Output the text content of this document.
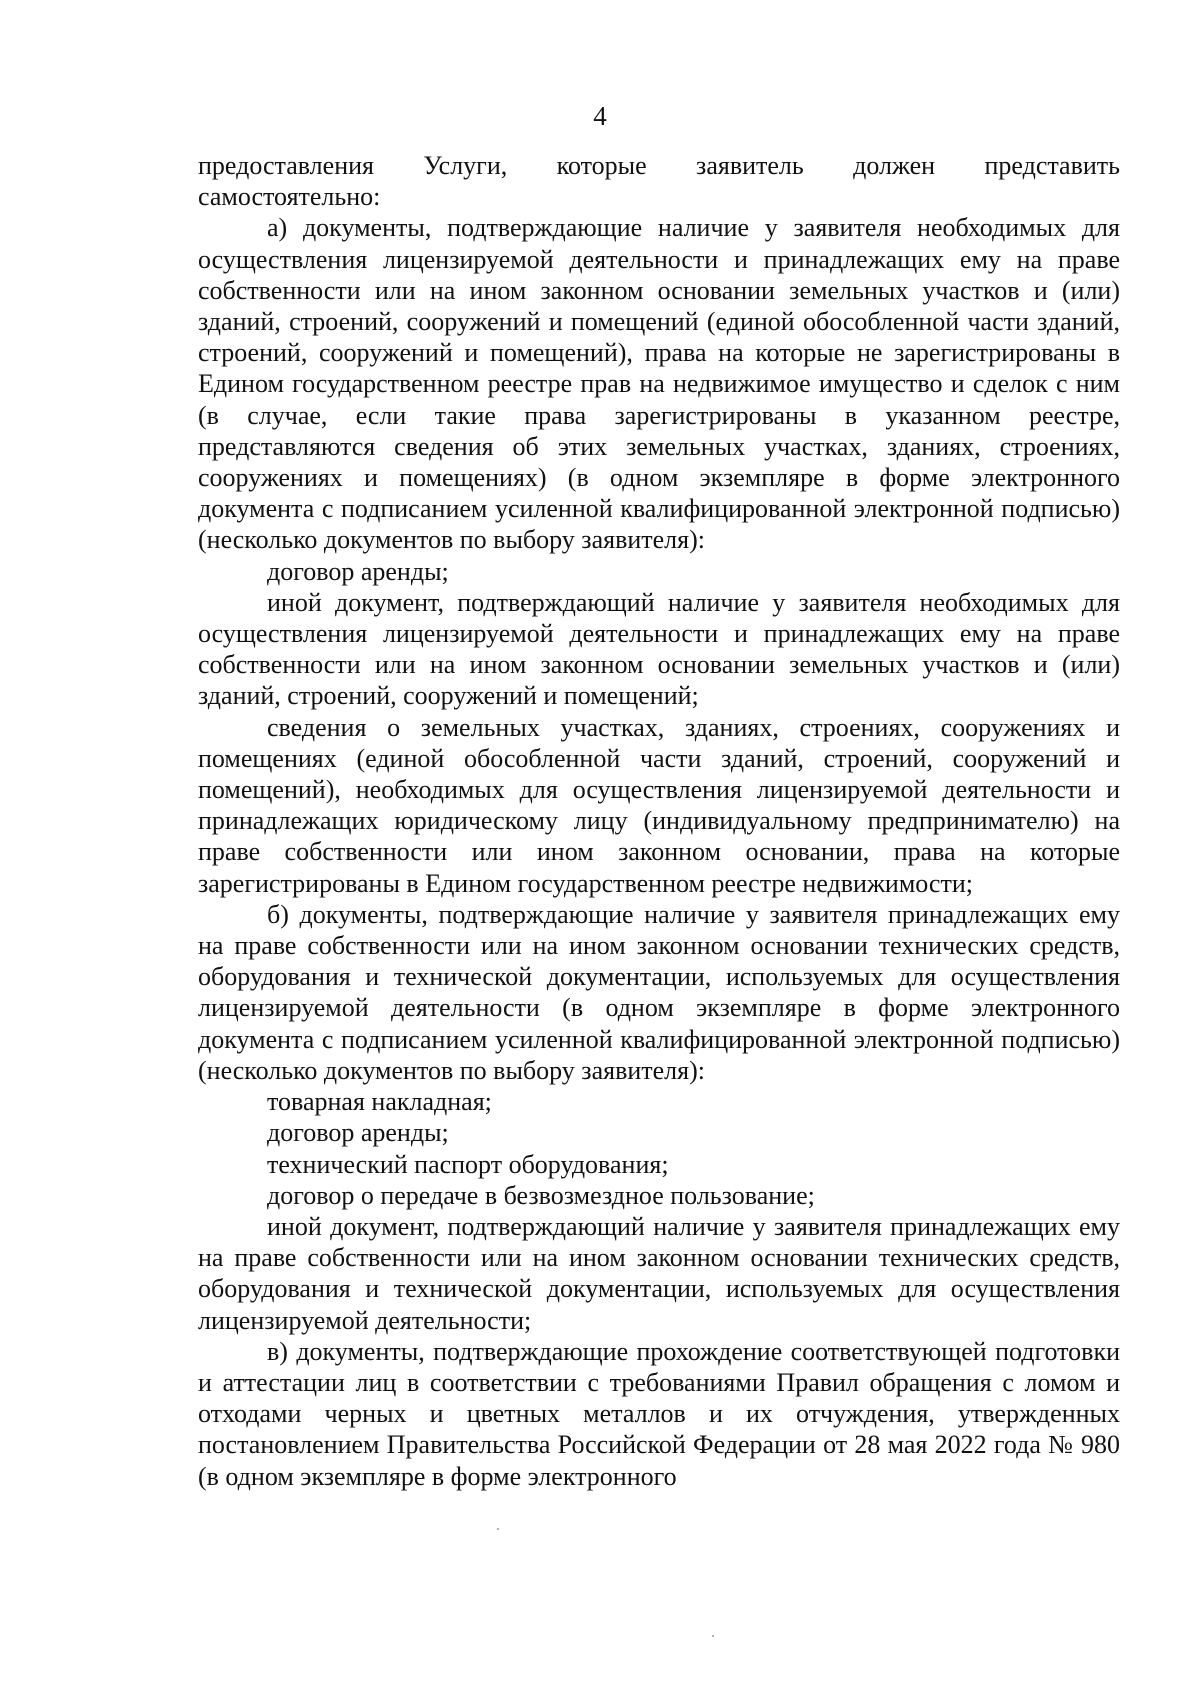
4

предоставления Услуги, которые заявитель должен представить
самостоятельно:

а) документы, подтверждающие наличие у заявителя необходимых для осуществления лицензируемой деятельности и принадлежащих ему на праве собственности или на ином законном основании земельных участков и (или) зданий, строений, сооружений и помещений (единой обособленной части зданий, строений, сооружений и помещений), права на которые не зарегистрированы в Едином государственном реестре прав на недвижимое имущество и сделок с ним (в случае, если такие права зарегистрированы в указанном реестре, представляются сведения об этих земельных участках, зданиях, строениях, сооружениях и помещениях) (в одном экземпляре в форме электронного документа с подписанием усиленной квалифицированной электронной подписью) (несколько документов по выбору заявителя):

договор аренды;

иной документ, подтверждающий наличие у заявителя необходимых для осуществления лицензируемой деятельности и принадлежащих ему на праве собственности или на ином законном основании земельных участков и (или) зданий, строений, сооружений и помещений;

сведения о земельных участках, зданиях, строениях, сооружениях и помещениях (единой обособленной части зданий, строений, сооружений и помещений), необходимых для осуществления лицензируемой деятельности и принадлежащих юридическому лицу (индивидуальному предпринимателю) на праве собственности или ином законном основании, права на которые зарегистрированы в Едином государственном реестре недвижимости;

б) документы, подтверждающие наличие у заявителя принадлежащих ему на праве собственности или на ином законном основании технических средств, оборудования и технической документации, используемых для осуществления лицензируемой деятельности (в одном экземпляре в форме электронного документа с подписанием усиленной квалифицированной электронной подписью) (несколько документов по выбору заявителя):

товарная накладная;

договор аренды;

технический паспорт оборудования;

договор о передаче в безвозмездное пользование;

иной документ, подтверждающий наличие у заявителя принадлежащих ему на праве собственности или на ином законном основании технических средств, оборудования и технической документации, используемых для осуществления лицензируемой деятельности;

в) документы, подтверждающие прохождение соответствующей подготовки и аттестации лиц в соответствии с требованиями Правил обращения с ломом и отходами черных и цветных металлов и их отчуждения, утвержденных постановлением Правительства Российской Федерации от 28 мая 2022 года № 980 (в одном экземпляре в форме электронного
